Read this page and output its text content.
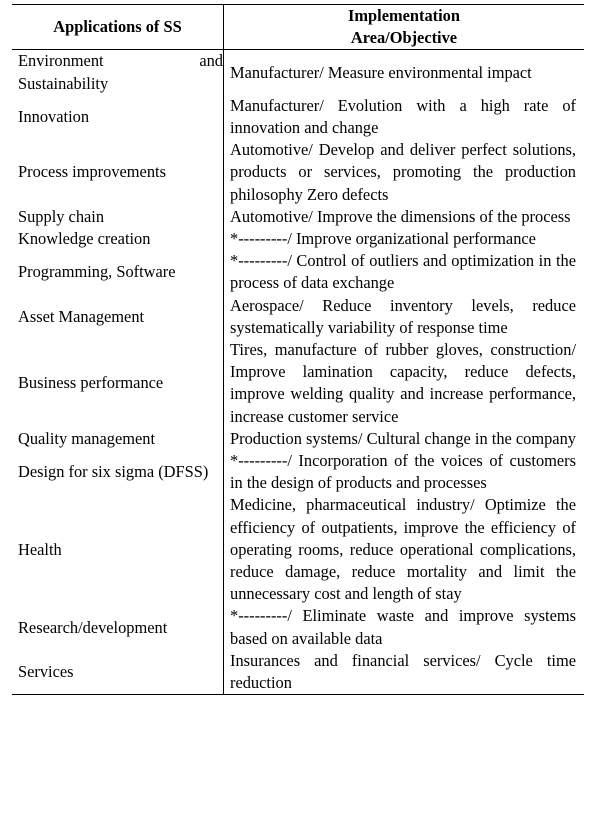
Applications of SS	Implementation
Area/Objective

Environment and Sustainability	Manufacturer/ Measure environmental impact
Innovation	Manufacturer/ Evolution with a high rate of innovation and change
Process improvements	Automotive/ Develop and deliver perfect solutions, products or services, promoting the production philosophy Zero defects
Supply chain	Automotive/ Improve the dimensions of the process
Knowledge creation	*---------/ Improve organizational performance
Programming, Software	*---------/ Control of outliers and optimization in the process of data exchange
Asset Management	Aerospace/ Reduce inventory levels, reduce systematically variability of response time
Business performance	Tires, manufacture of rubber gloves, construction/ Improve lamination capacity, reduce defects, improve welding quality and increase performance, increase customer service
Quality management	Production systems/ Cultural change in the company
Design for six sigma (DFSS)	*---------/ Incorporation of the voices of customers in the design of products and processes
Health	Medicine, pharmaceutical industry/ Optimize the efficiency of outpatients, improve the efficiency of operating rooms, reduce operational complications, reduce damage, reduce mortality and limit the unnecessary cost and length of stay
Research/development	*---------/ Eliminate waste and improve systems based on available data
Services	Insurances and financial services/ Cycle time reduction
